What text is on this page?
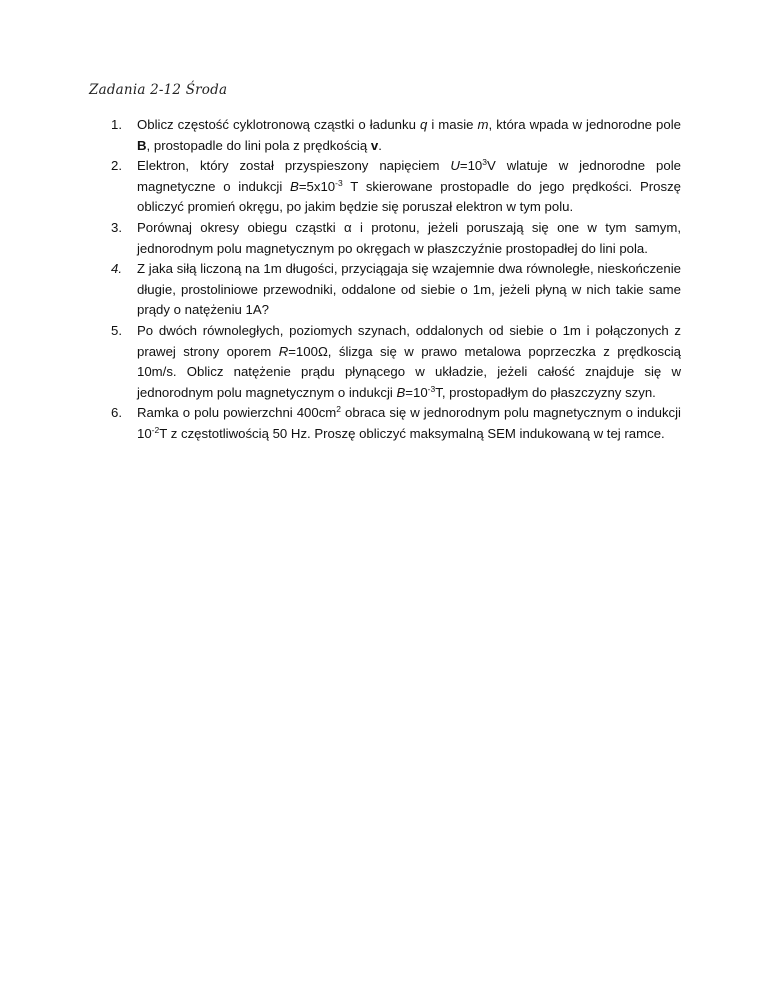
Zadania 2-12 Środa
1. Oblicz częstość cyklotronową cząstki o ładunku q i masie m, która wpada w jednorodne pole B, prostopadle do lini pola z prędkością v.
2. Elektron, który został przyspieszony napięciem $U=10^3V$ wlatuje w jednorodne pole magnetyczne o indukcji $B=5x10^{-3}$ T skierowane prostopadle do jego prędkości. Proszę obliczyć promień okręgu, po jakim będzie się poruszał elektron w tym polu.
3. Porównaj okresy obiegu cząstki α i protonu, jeżeli poruszają się one w tym samym, jednorodnym polu magnetycznym po okręgach w płaszczyźnie prostopadłej do lini pola.
4. Z jaka siłą liczoną na 1m długości, przyciągaja się wzajemnie dwa równoległe, nieskończenie długie, prostoliniowe przewodniki, oddalone od siebie o 1m, jeżeli płyną w nich takie same prądy o natężeniu 1A?
5. Po dwóch równoległych, poziomych szynach, oddalonych od siebie o 1m i połączonych z prawej strony oporem R=100Ω, ślizga się w prawo metalowa poprzeczka z prędkoscią 10m/s. Oblicz natężenie prądu płynącego w układzie, jeżeli całość znajduje się w jednorodnym polu magnetycznym o indukcji $B=10^{-3}T$, prostopadłym do płaszczyzny szyn.
6. Ramka o polu powierzchni $400cm^2$ obraca się w jednorodnym polu magnetycznym o indukcji $10^{-2}T$ z częstotliwością 50 Hz. Proszę obliczyć maksymalną SEM indukowaną w tej ramce.
